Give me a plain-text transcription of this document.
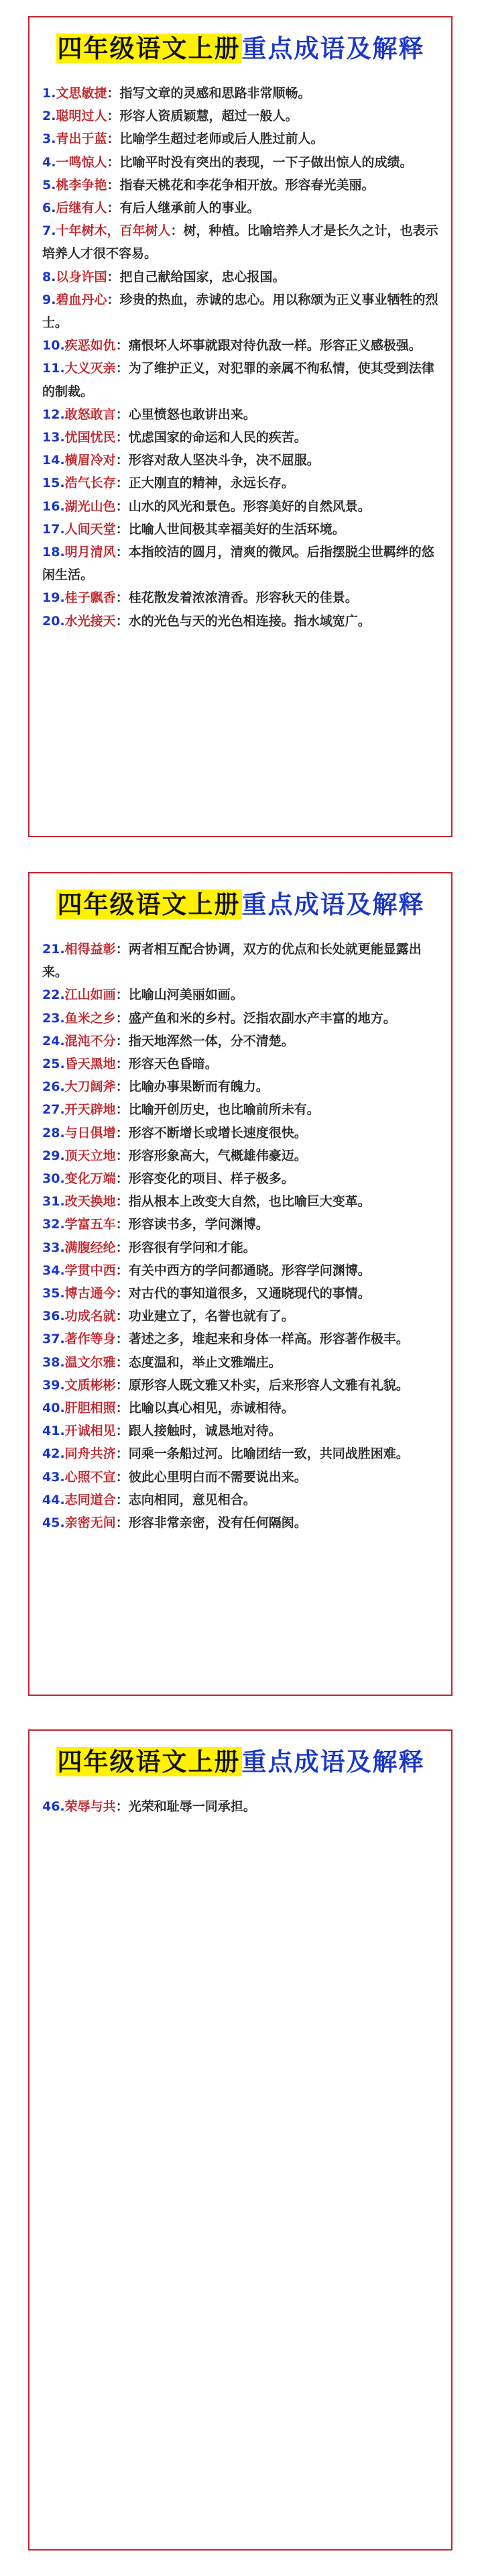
四年级语文上册重点成语及解释
1.文思敏捷：指写文章的灵感和思路非常顺畅。
2.聪明过人：形容人资质颖慧，超过一般人。
3.青出于蓝：比喻学生超过老师或后人胜过前人。
4.一鸣惊人：比喻平时没有突出的表现，一下子做出惊人的成绩。
5.桃李争艳：指春天桃花和李花争相开放。形容春光美丽。
6.后继有人：有后人继承前人的事业。
7.十年树木，百年树人：树，种植。比喻培养人才是长久之计，也表示培养人才很不容易。
8.以身许国：把自己献给国家，忠心报国。
9.碧血丹心：珍贵的热血，赤诚的忠心。用以称颂为正义事业牺牲的烈士。
10.疾恶如仇：痛恨坏人坏事就跟对待仇敌一样。形容正义感极强。
11.大义灭亲：为了维护正义，对犯罪的亲属不徇私情，使其受到法律的制裁。
12.敢怒敢言：心里愤怒也敢讲出来。
13.忧国忧民：忧虑国家的命运和人民的疾苦。
14.横眉冷对：形容对敌人坚决斗争，决不屈服。
15.浩气长存：正大刚直的精神，永远长存。
16.湖光山色：山水的风光和景色。形容美好的自然风景。
17.人间天堂：比喻人世间极其幸福美好的生活环境。
18.明月清风：本指皎洁的圆月，清爽的微风。后指摆脱尘世羁绊的悠闲生活。
19.桂子飘香：桂花散发着浓浓清香。形容秋天的佳景。
20.水光接天：水的光色与天的光色相连接。指水域宽广。
四年级语文上册重点成语及解释
21.相得益彰：两者相互配合协调，双方的优点和长处就更能显露出来。
22.江山如画：比喻山河美丽如画。
23.鱼米之乡：盛产鱼和米的乡村。泛指农副水产丰富的地方。
24.混沌不分：指天地浑然一体，分不清楚。
25.昏天黑地：形容天色昏暗。
26.大刀阔斧：比喻办事果断而有魄力。
27.开天辟地：比喻开创历史，也比喻前所未有。
28.与日俱增：形容不断增长或增长速度很快。
29.顶天立地：形容形象高大，气概雄伟豪迈。
30.变化万端：形容变化的项目、样子极多。
31.改天换地：指从根本上改变大自然，也比喻巨大变革。
32.学富五车：形容读书多，学问渊博。
33.满腹经纶：形容很有学问和才能。
34.学贯中西：有关中西方的学问都通晓。形容学问渊博。
35.博古通今：对古代的事知道很多，又通晓现代的事情。
36.功成名就：功业建立了，名誉也就有了。
37.著作等身：著述之多，堆起来和身体一样高。形容著作极丰。
38.温文尔雅：态度温和，举止文雅端庄。
39.文质彬彬：原形容人既文雅又朴实，后来形容人文雅有礼貌。
40.肝胆相照：比喻以真心相见，赤诚相待。
41.开诚相见：跟人接触时，诚恳地对待。
42.同舟共济：同乘一条船过河。比喻团结一致，共同战胜困难。
43.心照不宣：彼此心里明白而不需要说出来。
44.志同道合：志向相同，意见相合。
45.亲密无间：形容非常亲密，没有任何隔阂。
四年级语文上册重点成语及解释
46.荣辱与共：光荣和耻辱一同承担。
